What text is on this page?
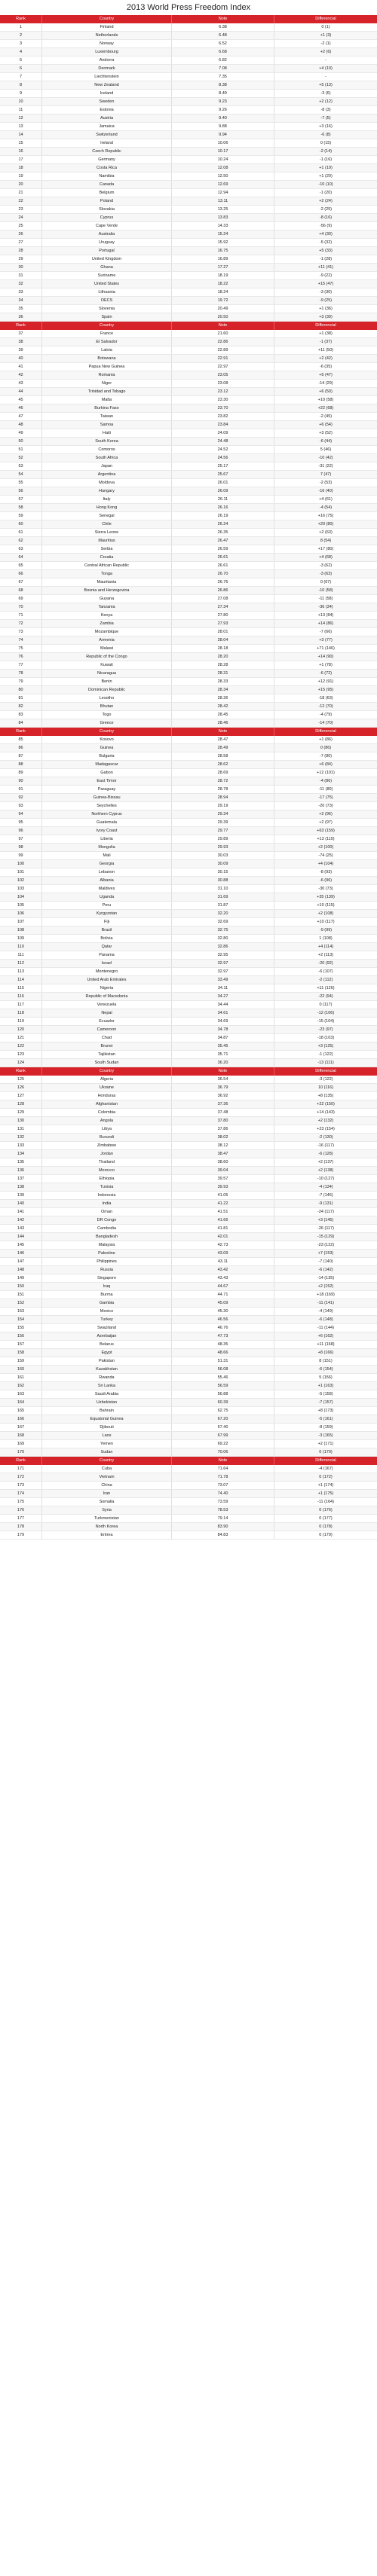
2013 World Press Freedom Index
Rank	Country	Note	Differencial
1	Finland	6.38	0 (1)
2	Netherlands	6.48	+1 (3)
3	Norway	6.52	-2 (1)
4	Luxembourg	6.68	+2 (6)
5	Andorra	6.82	-
6	Denmark	7.08	+4 (10)
7	Liechtenstein	7.35	-
8	New Zealand	8.38	+5 (13)
9	Iceland	8.49	-3 (6)
10	Sweden	9.23	+2 (12)
11	Estonia	9.26	-8 (3)
12	Austria	9.40	-7 (5)
13	Jamaica	9.88	+3 (16)
14	Switzerland	9.94	-6 (8)
15	Ireland	10.06	0 (15)
16	Czech Republic	10.17	-2 (14)
17	Germany	10.24	-1 (16)
18	Costa Rica	12.08	+1 (19)
19	Namibia	12.50	+1 (20)
20	Canada	12.69	-10 (10)
21	Belgium	12.94	-1 (20)
22	Poland	13.11	+2 (24)
23	Slovakia	13.25	-2 (25)
24	Cyprus	13.83	-8 (16)
25	Cape Verde	14.33	-56 (9)
26	Australia	15.24	+4 (30)
27	Uruguay	15.92	-5 (32)
28	Portugal	16.75	+5 (33)
29	United Kingdom	16.89	-1 (28)
30	Ghana	17.27	+11 (41)
31	Suriname	18.19	-9 (22)
32	United States	18.22	+15 (47)
33	Lithuania	18.24	-3 (30)
34	OECS	19.72	-9 (25)
35	Slovenia	20.49	+1 (36)
36	Spain	20.50	+3 (39)
Rank	Country	Note	Differencial
37	France	21.60	+1 (38)
38	El Salvador	22.86	-1 (37)
39	Latvia	22.89	+11 (50)
40	Botswana	22.91	+2 (42)
41	Papua New Guinea	22.97	-6 (35)
42	Romania	23.05	+5 (47)
43	Niger	23.08	-14 (29)
44	Trinidad and Tobago	23.12	+6 (50)
45	Malta	23.30	+10 (58)
46	Burkina Faso	23.70	+22 (68)
47	Taiwan	23.82	-2 (45)
48	Samoa	23.84	+6 (54)
49	Haiti	24.09	+3 (52)
50	South Korea	24.48	-6 (44)
51	Comoros	24.52	5 (46)
52	South Africa	24.56	-10 (42)
53	Japan	25.17	-31 (22)
54	Argentina	25.67	7 (47)
55	Moldova	26.01	-2 (53)
56	Hungary	26.09	-16 (40)
57	Italy	26.11	+4 (61)
58	Hong Kong	26.16	-4 (54)
59	Senegal	26.19	+16 (75)
60	Chile	26.24	+20 (80)
61	Sierra Leone	26.35	+2 (63)
62	Mauritius	26.47	8 (54)
63	Serbia	26.59	+17 (80)
64	Croatia	26.61	+4 (68)
65	Central African Republic	26.61	-3 (62)
66	Tonga	26.70	-3 (63)
67	Mauritania	26.76	0 (67)
68	Bosnia and Herzegovina	26.86	-10 (58)
69	Guyana	27.08	-11 (58)
70	Tanzania	27.34	-36 (34)
71	Kenya	27.80	+13 (84)
72	Zambia	27.93	+14 (86)
73	Mozambique	28.01	-7 (66)
74	Armenia	28.04	+3 (77)
75	Malawi	28.18	+71 (146)
76	Republic of the Congo	28.20	+14 (90)
77	Kuwait	28.28	+1 (78)
78	Nicaragua	28.31	-6 (72)
79	Benin	28.33	+12 (91)
80	Dominican Republic	28.34	+15 (95)
81	Lesotho	28.36	-18 (63)
82	Bhutan	28.42	-12 (70)
83	Togo	28.45	-4 (79)
84	Greece	28.46	-14 (70)
Rank	Country	Note	Differencial
85	Kosovo	28.47	+1 (86)
86	Guinea	28.49	0 (86)
87	Bulgaria	28.58	-7 (80)
88	Madagascar	28.62	+6 (84)
89	Gabon	28.69	+12 (101)
90	East Timor	28.72	-4 (86)
91	Paraguay	28.78	-11 (80)
92	Guinea-Bissau	28.94	-17 (75)
93	Seychelles	29.19	-20 (73)
94	Northern Cyprus	29.34	+2 (96)
95	Guatemala	29.39	+2 (97)
96	Ivory Coast	29.77	+63 (159)
97	Liberia	29.89	+13 (110)
98	Mongolia	29.93	+2 (100)
99	Mali	30.03	-74 (25)
100	Georgia	30.09	+4 (104)
101	Lebanon	30.15	-8 (93)
102	Albania	30.88	-6 (96)
103	Maldives	31.10	-30 (73)
104	Uganda	31.69	+35 (139)
105	Peru	31.87	+10 (115)
106	Kyrgyzstan	32.20	+2 (108)
107	Fiji	32.69	+10 (117)
108	Brazil	32.75	-9 (99)
109	Bolivia	32.80	1 (108)
110	Qatar	32.86	+4 (114)
111	Panama	32.95	+2 (113)
112	Israel	32.97	-20 (92)
113	Montenegro	32.97	-6 (107)
114	United Arab Emirates	33.49	-2 (112)
115	Nigeria	34.11	+11 (126)
116	Republic of Macedonia	34.27	-22 (94)
117	Venezuela	34.44	0 (117)
118	Nepal	34.61	-12 (106)
119	Ecuador	34.69	-15 (104)
120	Cameroon	34.78	-23 (97)
121	Chad	34.87	-18 (103)
122	Brunei	35.45	+3 (125)
123	Tajikistan	35.71	-1 (122)
124	South Sudan	36.20	-13 (111)
Rank	Country	Note	Differencial
125	Algeria	36.54	-3 (122)
126	Ukraine	36.79	10 (116)
127	Honduras	36.92	+8 (135)
128	Afghanistan	37.36	+22 (150)
129	Colombia	37.48	+14 (143)
130	Angola	37.80	+2 (132)
131	Libya	37.86	+23 (154)
132	Burundi	38.02	-2 (130)
133	Zimbabwe	38.12	-16 (117)
134	Jordan	38.47	-6 (128)
135	Thailand	38.60	+2 (137)
136	Morocco	39.04	+2 (138)
137	Ethiopia	39.57	-10 (127)
138	Tunisia	39.93	-4 (134)
139	Indonesia	41.05	-7 (146)
140	India	41.22	-9 (131)
141	Oman	41.51	-24 (117)
142	DR Congo	41.66	+3 (145)
143	Cambodia	41.81	-26 (117)
144	Bangladesh	42.01	-15 (129)
145	Malaysia	42.73	-23 (122)
146	Palestine	43.09	+7 (153)
147	Philippines	43.11	-7 (140)
148	Russia	43.42	-6 (142)
149	Singapore	43.43	-14 (135)
150	Iraq	44.67	+2 (152)
151	Burma	44.71	+18 (169)
152	Gambia	45.09	-11 (141)
153	Mexico	45.30	-4 (149)
154	Turkey	46.56	-6 (148)
155	Swaziland	46.76	-11 (144)
156	Azerbaijan	47.73	+6 (162)
157	Belarus	48.35	+11 (168)
158	Egypt	48.66	+8 (166)
159	Pakistan	51.31	8 (151)
160	Kazakhstan	56.08	-6 (154)
161	Rwanda	55.46	5 (156)
162	Sri Lanka	56.59	+1 (163)
163	Saudi Arabia	56.88	-5 (158)
164	Uzbekistan	60.39	-7 (157)
165	Bahrain	62.75	+8 (173)
166	Equatorial Guinea	67.20	-5 (161)
167	Djibouti	67.40	-8 (159)
168	Laos	67.99	-3 (165)
169	Yemen	69.22	+2 (171)
170	Sudan	70.06	0 (170)
Rank	Country	Note	Differencial
171	Cuba	71.64	-4 (167)
172	Vietnam	71.78	0 (172)
173	China	73.07	+1 (174)
174	Iran	74.40	+1 (175)
175	Somalia	73.59	-11 (164)
176	Syria	78.53	0 (176)
177	Turkmenistan	79.14	0 (177)
178	North Korea	83.90	0 (178)
179	Eritrea	84.83	0 (179)
